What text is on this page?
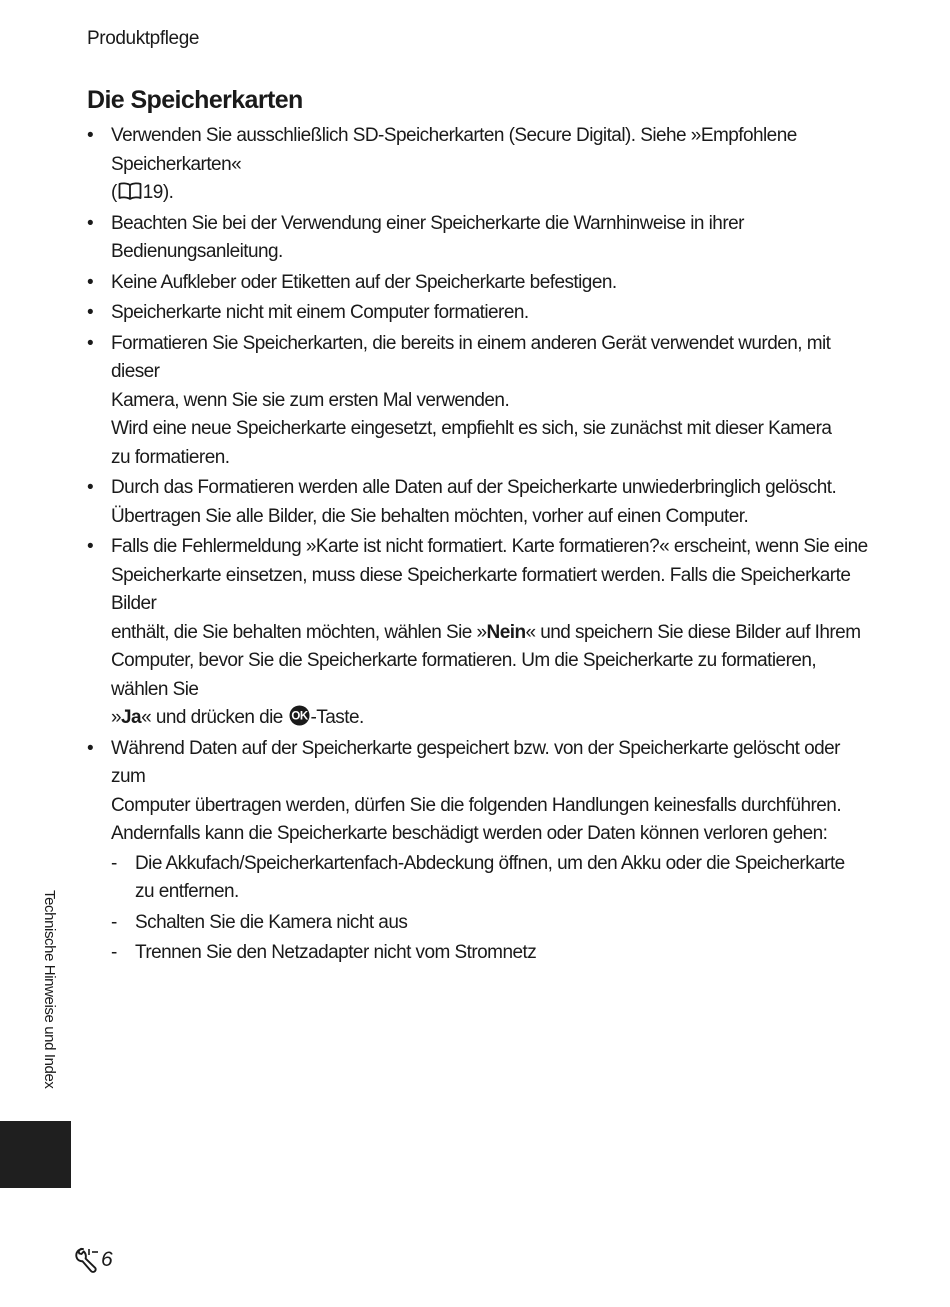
Produktpflege
Die Speicherkarten
• Verwenden Sie ausschließlich SD-Speicherkarten (Secure Digital). Siehe »Empfohlene Speicherkarten«
( 19).
• Beachten Sie bei der Verwendung einer Speicherkarte die Warnhinweise in ihrer
Bedienungsanleitung.
• Keine Aufkleber oder Etiketten auf der Speicherkarte befestigen.
• Speicherkarte nicht mit einem Computer formatieren.
• Formatieren Sie Speicherkarten, die bereits in einem anderen Gerät verwendet wurden, mit dieser
Kamera, wenn Sie sie zum ersten Mal verwenden.
Wird eine neue Speicherkarte eingesetzt, empfiehlt es sich, sie zunächst mit dieser Kamera
zu formatieren.
• Durch das Formatieren werden alle Daten auf der Speicherkarte unwiederbringlich gelöscht.
Übertragen Sie alle Bilder, die Sie behalten möchten, vorher auf einen Computer.
• Falls die Fehlermeldung »Karte ist nicht formatiert. Karte formatieren?« erscheint, wenn Sie eine
Speicherkarte einsetzen, muss diese Speicherkarte formatiert werden. Falls die Speicherkarte Bilder
enthält, die Sie behalten möchten, wählen Sie »Nein« und speichern Sie diese Bilder auf Ihrem
Computer, bevor Sie die Speicherkarte formatieren. Um die Speicherkarte zu formatieren, wählen Sie
»Ja« und drücken die OK -Taste.
• Während Daten auf der Speicherkarte gespeichert bzw. von der Speicherkarte gelöscht oder zum
Computer übertragen werden, dürfen Sie die folgenden Handlungen keinesfalls durchführen.
Andernfalls kann die Speicherkarte beschädigt werden oder Daten können verloren gehen:
- Die Akkufach/Speicherkartenfach-Abdeckung öffnen, um den Akku oder die Speicherkarte
zu entfernen.
- Schalten Sie die Kamera nicht aus
- Trennen Sie den Netzadapter nicht vom Stromnetz
Technische Hinweise und Index
6
